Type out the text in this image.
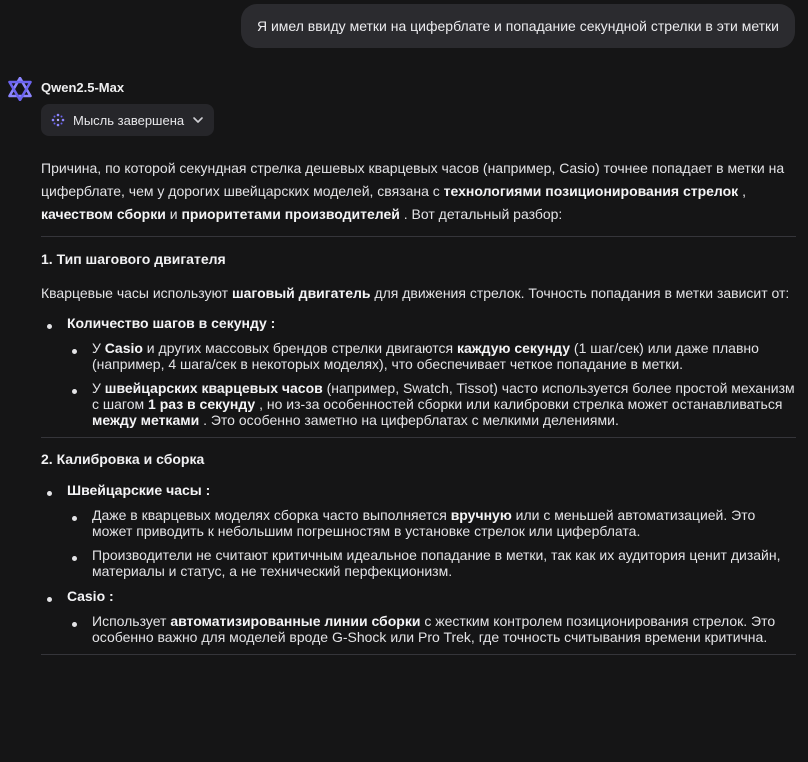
Я имел ввиду метки на циферблате и попадание секундной стрелки в эти метки
Qwen2.5-Max
Мысль завершена

Причина, по которой секундная стрелка дешевых кварцевых часов (например, Casio) точнее попадает в метки на циферблате, чем у дорогих швейцарских моделей, связана с технологиями позиционирования стрелок , качеством сборки и приоритетами производителей . Вот детальный разбор:

1. Тип шагового двигателя

Кварцевые часы используют шаговый двигатель для движения стрелок. Точность попадания в метки зависит от:

Количество шагов в секунду :
У Casio и других массовых брендов стрелки двигаются каждую секунду (1 шаг/сек) или даже плавно (например, 4 шага/сек в некоторых моделях), что обеспечивает четкое попадание в метки.
У швейцарских кварцевых часов (например, Swatch, Tissot) часто используется более простой механизм с шагом 1 раз в секунду , но из-за особенностей сборки или калибровки стрелка может останавливаться между метками . Это особенно заметно на циферблатах с мелкими делениями.
2. Калибровка и сборка
Швейцарские часы :
Даже в кварцевых моделях сборка часто выполняется вручную или с меньшей автоматизацией. Это может приводить к небольшим погрешностям в установке стрелок или циферблата.
Производители не считают критичным идеальное попадание в метки, так как их аудитория ценит дизайн, материалы и статус, а не технический перфекционизм.
Casio :
Использует автоматизированные линии сборки с жестким контролем позиционирования стрелок. Это особенно важно для моделей вроде G-Shock или Pro Trek, где точность считывания времени критична.
